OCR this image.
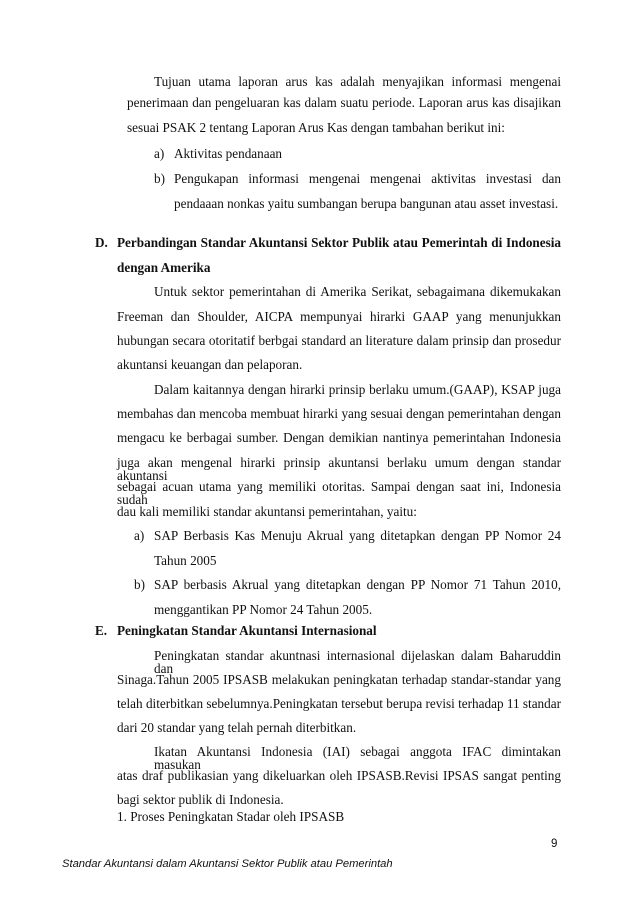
Tujuan utama laporan arus kas adalah menyajikan informasi mengenai
penerimaan dan pengeluaran kas dalam suatu periode. Laporan arus kas disajikan
sesuai PSAK 2 tentang Laporan Arus Kas dengan tambahan berikut ini:
a) Aktivitas pendanaan
b) Pengukapan informasi mengenai mengenai aktivitas investasi dan
pendaaan nonkas yaitu sumbangan berupa bangunan atau asset investasi.
D. Perbandingan Standar Akuntansi Sektor Publik atau Pemerintah di Indonesia
dengan Amerika
Untuk sektor pemerintahan di Amerika Serikat, sebagaimana dikemukakan
Freeman dan Shoulder, AICPA mempunyai hirarki GAAP yang menunjukkan
hubungan secara otoritatif berbgai standard an literature dalam prinsip dan prosedur
akuntansi keuangan dan pelaporan.
Dalam kaitannya dengan hirarki prinsip berlaku umum.(GAAP), KSAP juga
membahas dan mencoba membuat hirarki yang sesuai dengan pemerintahan dengan
mengacu ke berbagai sumber. Dengan demikian nantinya pemerintahan Indonesia
juga akan mengenal hirarki prinsip akuntansi berlaku umum dengan standar akuntansi
sebagai acuan utama yang memiliki otoritas. Sampai dengan saat ini, Indonesia sudah
dau kali memiliki standar akuntansi pemerintahan, yaitu:
a) SAP Berbasis Kas Menuju Akrual yang ditetapkan dengan PP Nomor 24
Tahun 2005
b) SAP berbasis Akrual yang ditetapkan dengan PP Nomor 71 Tahun 2010,
menggantikan PP Nomor 24 Tahun 2005.
E. Peningkatan Standar Akuntansi Internasional
Peningkatan standar akuntnasi internasional dijelaskan dalam Baharuddin dan
Sinaga.Tahun 2005 IPSASB melakukan peningkatan terhadap standar-standar yang
telah diterbitkan sebelumnya.Peningkatan tersebut berupa revisi terhadap 11 standar
dari 20 standar yang telah pernah diterbitkan.
Ikatan Akuntansi Indonesia (IAI) sebagai anggota IFAC dimintakan masukan
atas draf publikasian yang dikeluarkan oleh IPSASB.Revisi IPSAS sangat penting
bagi sektor publik di Indonesia.
1. Proses Peningkatan Stadar oleh IPSASB
9
Standar Akuntansi dalam Akuntansi Sektor Publik atau Pemerintah
